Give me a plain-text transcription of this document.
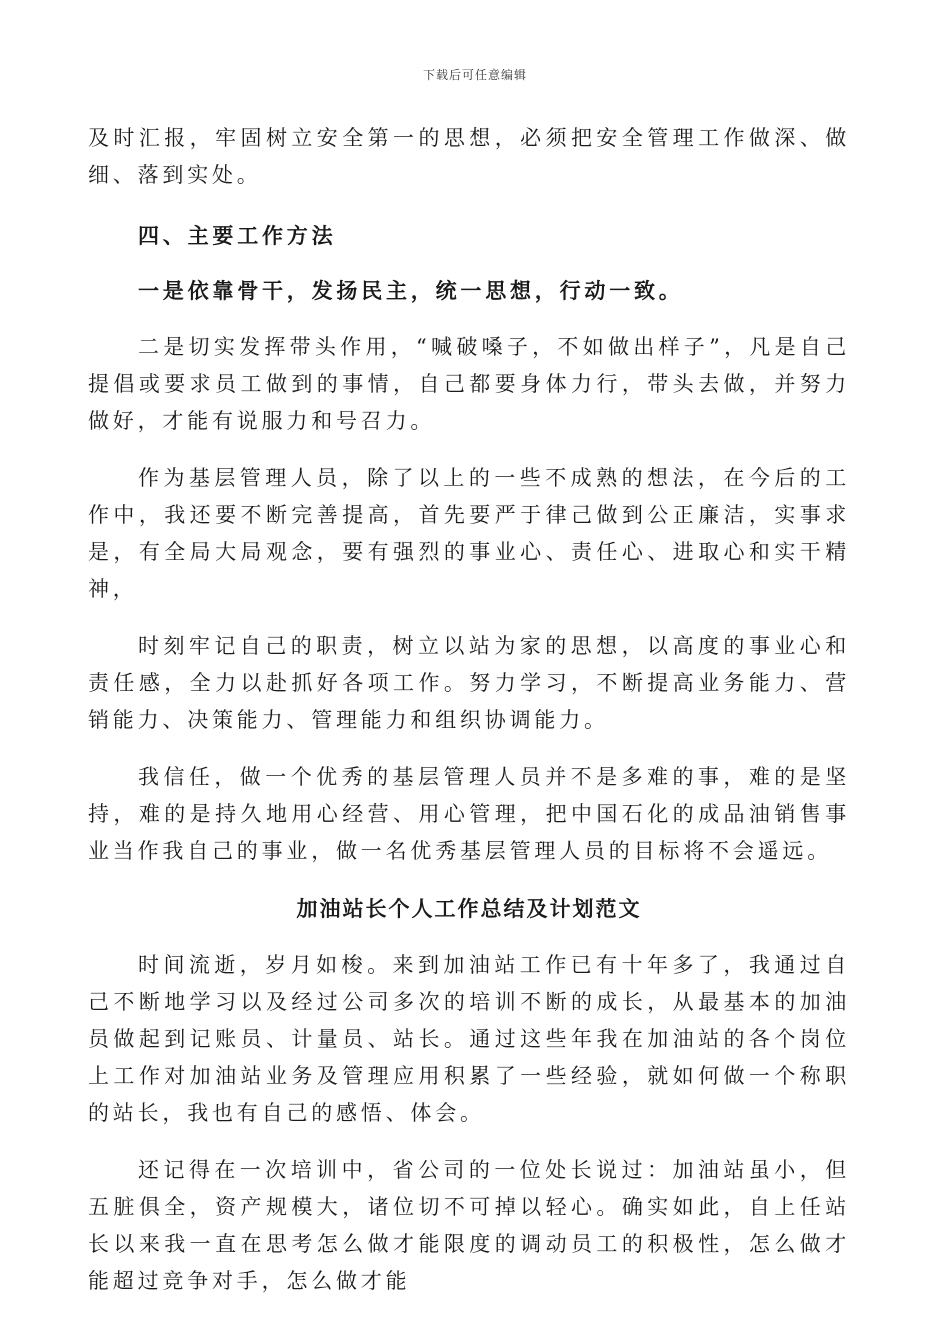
下载后可任意编辑

及时汇报，牢固树立安全第一的思想，必须把安全管理工作做深、做细、落到实处。

四、主要工作方法

一是依靠骨干，发扬民主，统一思想，行动一致。

二是切实发挥带头作用，“喊破嗓子，不如做出样子”，凡是自己提倡或要求员工做到的事情，自己都要身体力行，带头去做，并努力做好，才能有说服力和号召力。

作为基层管理人员，除了以上的一些不成熟的想法，在今后的工作中，我还要不断完善提高，首先要严于律己做到公正廉洁，实事求是，有全局大局观念，要有强烈的事业心、责任心、进取心和实干精神，

时刻牢记自己的职责，树立以站为家的思想，以高度的事业心和责任感，全力以赴抓好各项工作。努力学习，不断提高业务能力、营销能力、决策能力、管理能力和组织协调能力。

我信任，做一个优秀的基层管理人员并不是多难的事，难的是坚持，难的是持久地用心经营、用心管理，把中国石化的成品油销售事业当作我自己的事业，做一名优秀基层管理人员的目标将不会遥远。

加油站长个人工作总结及计划范文

时间流逝，岁月如梭。来到加油站工作已有十年多了，我通过自己不断地学习以及经过公司多次的培训不断的成长，从最基本的加油员做起到记账员、计量员、站长。通过这些年我在加油站的各个岗位上工作对加油站业务及管理应用积累了一些经验，就如何做一个称职的站长，我也有自己的感悟、体会。

还记得在一次培训中，省公司的一位处长说过：加油站虽小，但五脏俱全，资产规模大，诸位切不可掉以轻心。确实如此，自上任站长以来我一直在思考怎么做才能限度的调动员工的积极性，怎么做才能超过竞争对手，怎么做才能
